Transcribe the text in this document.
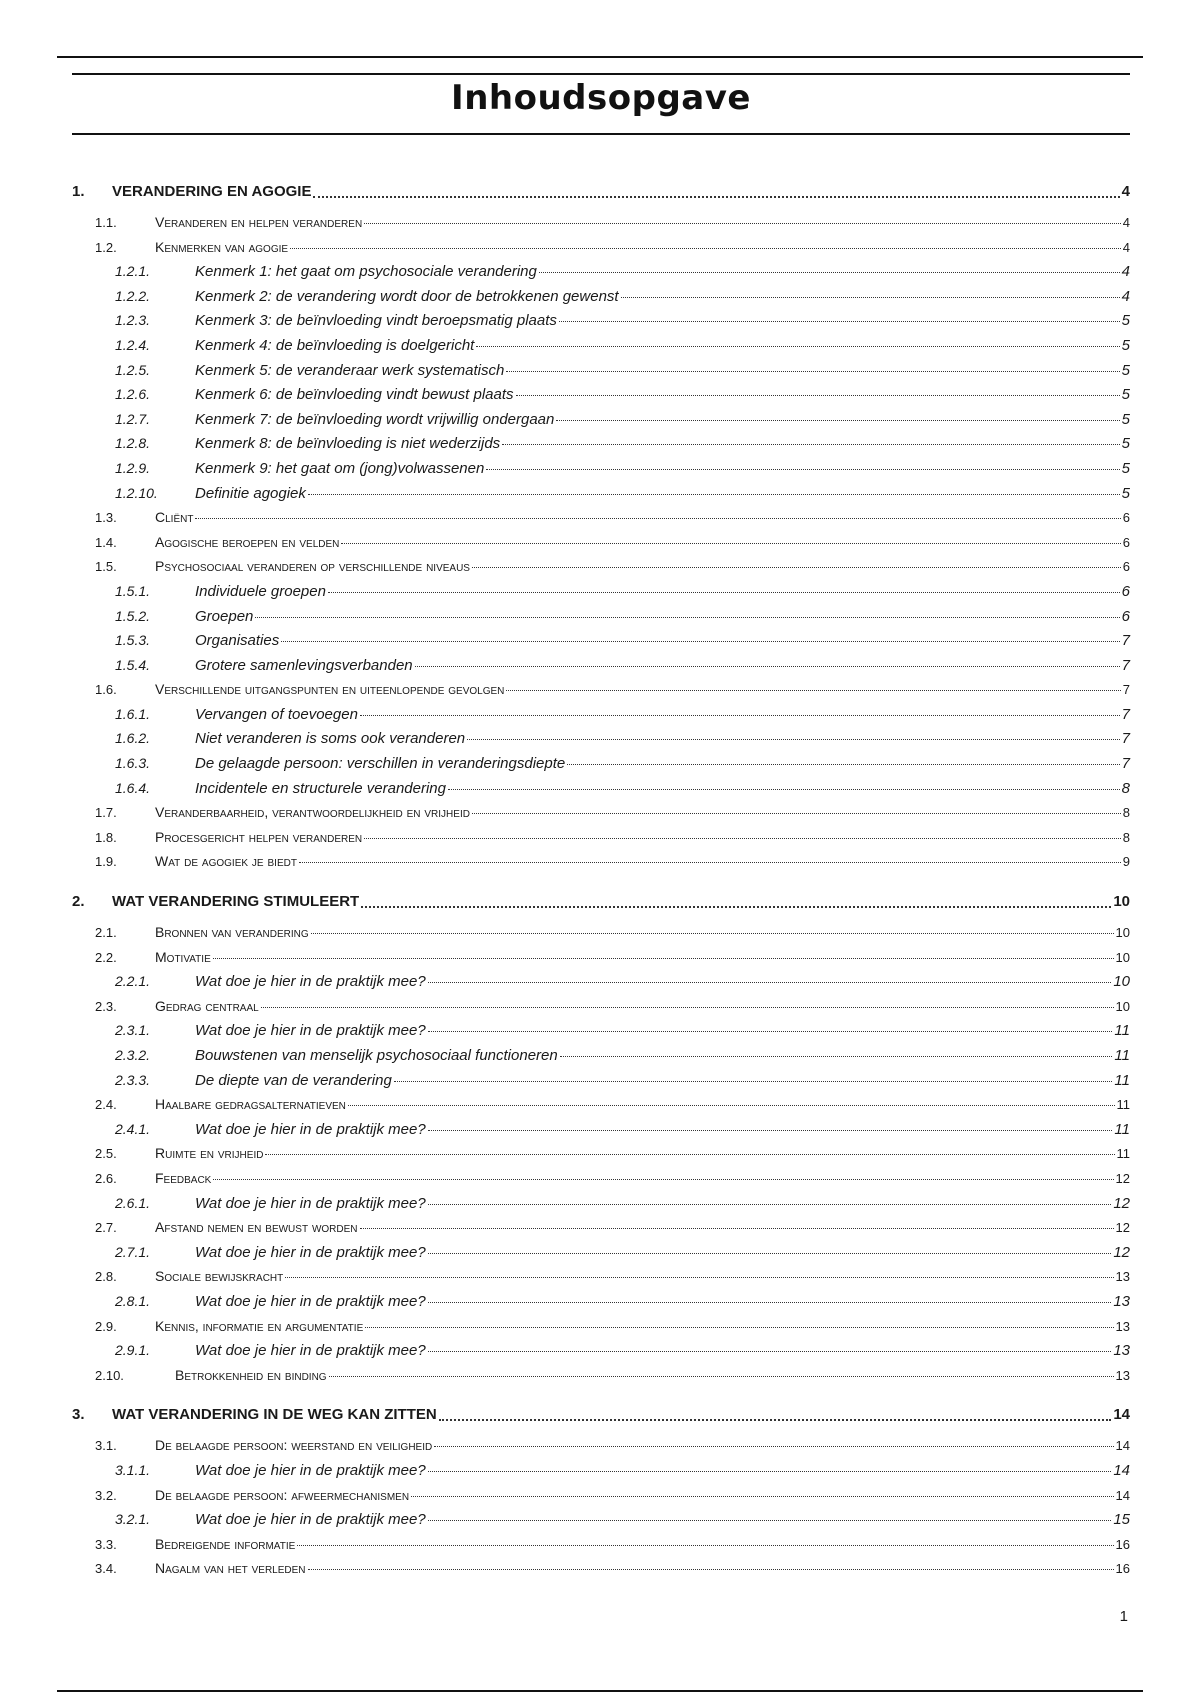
Inhoudsopgave
1.	VERANDERING EN AGOGIE	4
1.1.	Veranderen en helpen veranderen	4
1.2.	Kenmerken van agogie	4
1.2.1.	Kenmerk 1: het gaat om psychosociale verandering	4
1.2.2.	Kenmerk 2: de verandering wordt door de betrokkenen gewenst	4
1.2.3.	Kenmerk 3: de beïnvloeding vindt beroepsmatig plaats	5
1.2.4.	Kenmerk 4: de beïnvloeding is doelgericht	5
1.2.5.	Kenmerk 5: de veranderaar werk systematisch	5
1.2.6.	Kenmerk 6: de beïnvloeding vindt bewust plaats	5
1.2.7.	Kenmerk 7: de beïnvloeding wordt vrijwillig ondergaan	5
1.2.8.	Kenmerk 8: de beïnvloeding is niet wederzijds	5
1.2.9.	Kenmerk 9: het gaat om (jong)volwassenen	5
1.2.10.	Definitie agogiek	5
1.3.	Cliënt	6
1.4.	Agogische beroepen en velden	6
1.5.	Psychosociaal veranderen op verschillende niveaus	6
1.5.1.	Individuele groepen	6
1.5.2.	Groepen	6
1.5.3.	Organisaties	7
1.5.4.	Grotere samenlevingsverbanden	7
1.6.	Verschillende uitgangspunten en uiteenlopende gevolgen	7
1.6.1.	Vervangen of toevoegen	7
1.6.2.	Niet veranderen is soms ook veranderen	7
1.6.3.	De gelaagde persoon: verschillen in veranderingsdiepte	7
1.6.4.	Incidentele en structurele verandering	8
1.7.	Veranderbaarheid, verantwoordelijkheid en vrijheid	8
1.8.	Procesgericht helpen veranderen	8
1.9.	Wat de agogiek je biedt	9
2.	WAT VERANDERING STIMULEERT	10
2.1.	Bronnen van verandering	10
2.2.	Motivatie	10
2.2.1.	Wat doe je hier in de praktijk mee?	10
2.3.	Gedrag centraal	10
2.3.1.	Wat doe je hier in de praktijk mee?	11
2.3.2.	Bouwstenen van menselijk psychosociaal functioneren	11
2.3.3.	De diepte van de verandering	11
2.4.	Haalbare gedragsalternatieven	11
2.4.1.	Wat doe je hier in de praktijk mee?	11
2.5.	Ruimte en vrijheid	11
2.6.	Feedback	12
2.6.1.	Wat doe je hier in de praktijk mee?	12
2.7.	Afstand nemen en bewust worden	12
2.7.1.	Wat doe je hier in de praktijk mee?	12
2.8.	Sociale bewijskracht	13
2.8.1.	Wat doe je hier in de praktijk mee?	13
2.9.	Kennis, informatie en argumentatie	13
2.9.1.	Wat doe je hier in de praktijk mee?	13
2.10.	Betrokkenheid en binding	13
3.	WAT VERANDERING IN DE WEG KAN ZITTEN	14
3.1.	De belaagde persoon: weerstand en veiligheid	14
3.1.1.	Wat doe je hier in de praktijk mee?	14
3.2.	De belaagde persoon: afweermechanismen	14
3.2.1.	Wat doe je hier in de praktijk mee?	15
3.3.	Bedreigende informatie	16
3.4.	Nagalm van het verleden	16
1
